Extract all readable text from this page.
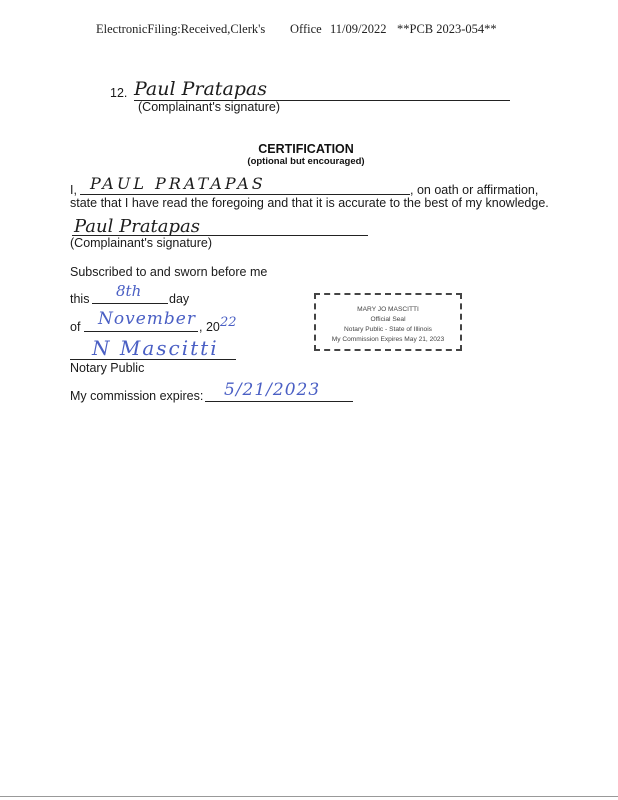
ElectronicFiling:Received,Clerk's Office 11/09/2022 **PCB 2023-054**
12. Paul Pratapas
(Complainant's signature)
CERTIFICATION
(optional but encouraged)
I, PAUL PRATAPAS	, on oath or affirmation,
state that I have read the foregoing and that it is accurate to the best of my knowledge.
Paul Pratapas
(Complainant's signature)
Subscribed to and sworn before me
this 8th day
of November , 20 22
N Mascitti
Notary Public
My commission expires: 5/21/2023
MARY JO MASCITTI
Official Seal
Notary Public - State of Illinois
My Commission Expires May 21, 2023
